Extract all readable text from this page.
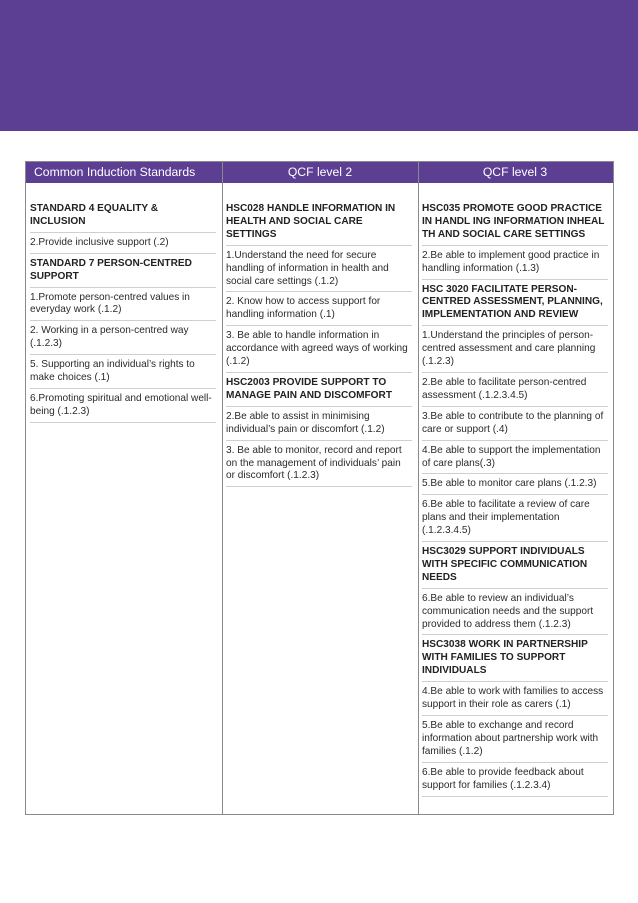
Common Induction Standards	QCF level 2	QCF level 3
STANDARD 4 EQUALITY & INCLUSION
2.Provide inclusive support (.2)
STANDARD 7 PERSON-CENTRED SUPPORT
1.Promote person-centred values in everyday work (.1.2)
2. Working in a person-centred way (.1.2.3)
5. Supporting an individual’s rights to make choices (.1)
6.Promoting spiritual and emotional well-being (.1.2.3)
HSC028 HANDLE INFORMATION IN HEALTH AND SOCIAL CARE SETTINGS
1.Understand the need for secure handling of information in health and social care settings (.1.2)
2. Know how to access support for handling information (.1)
3. Be able to handle information in accordance with agreed ways of working (.1.2)
HSC2003 PROVIDE SUPPORT TO MANAGE PAIN AND DISCOMFORT
2.Be able to assist in minimising individual’s pain or discomfort (.1.2)
3. Be able to monitor, record and report on the management of individuals’ pain or discomfort (.1.2.3)
HSC035 PROMOTE GOOD PRACTICE IN HANDL ING INFORMATION INHEAL TH AND SOCIAL CARE SETTINGS
2.Be able to implement good practice in handling information (.1.3)
HSC 3020 FACILITATE PERSON-CENTRED ASSESSMENT, PLANNING, IMPLEMENTATION AND REVIEW
1.Understand the principles of person-centred assessment and care planning (.1.2.3)
2.Be able to facilitate person-centred assessment (.1.2.3.4.5)
3.Be able to contribute to the planning of care or support (.4)
4.Be able to support the implementation of care plans(.3)
5.Be able to monitor care plans (.1.2.3)
6.Be able to facilitate a review of care plans and their implementation (.1.2.3.4.5)
HSC3029 SUPPORT INDIVIDUALS WITH SPECIFIC COMMUNICATION NEEDS
6.Be able to review an individual’s communication needs and the support provided to address them (.1.2.3)
HSC3038 WORK IN PARTNERSHIP WITH FAMILIES TO SUPPORT INDIVIDUALS
4.Be able to work with families to access support in their role as carers (.1)
5.Be able to exchange and record information about partnership work with families (.1.2)
6.Be able to provide feedback about support for families (.1.2.3.4)
